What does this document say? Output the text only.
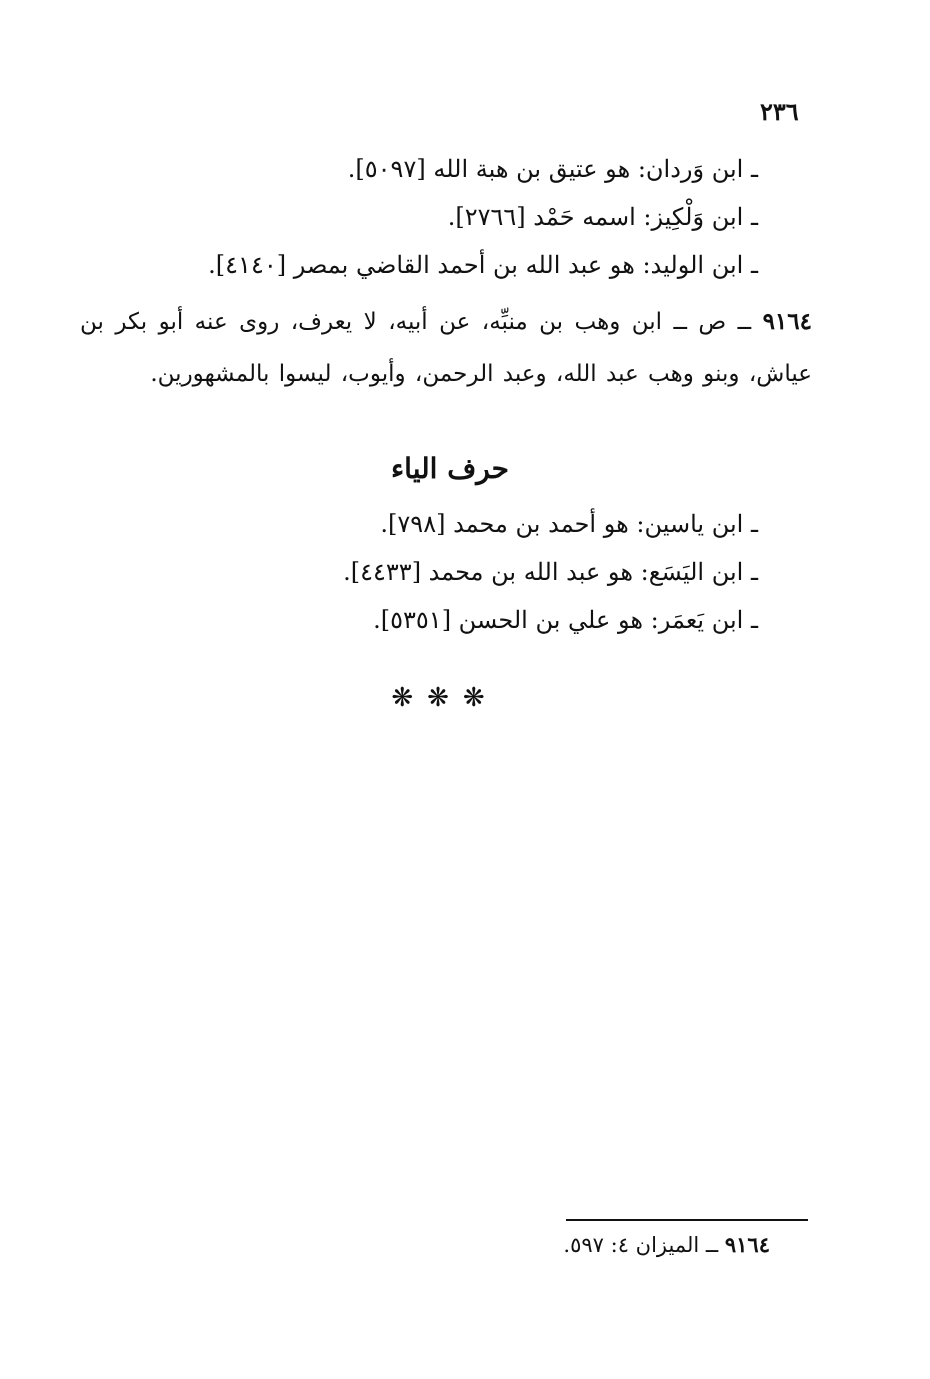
٢٣٦
ـ ابن وَردان: هو عتيق بن هبة الله [٥٠٩٧].
ـ ابن وَلْكِيز: اسمه حَمْد [٢٧٦٦].
ـ ابن الوليد: هو عبد الله بن أحمد القاضي بمصر [٤١٤٠].
٩١٦٤ ــ ص ــ ابن وهب بن منبِّه، عن أبيه، لا يعرف، روى عنه أبو بكر بن عياش، وبنو وهب عبد الله، وعبد الرحمن، وأيوب، ليسوا بالمشهورين.
حرف الياء
ـ ابن ياسين: هو أحمد بن محمد [٧٩٨].
ـ ابن اليَسَع: هو عبد الله بن محمد [٤٤٣٣].
ـ ابن يَعمَر: هو علي بن الحسن [٥٣٥١].
❋❋❋
٩١٦٤ ــ الميزان ٤: ٥٩٧.
